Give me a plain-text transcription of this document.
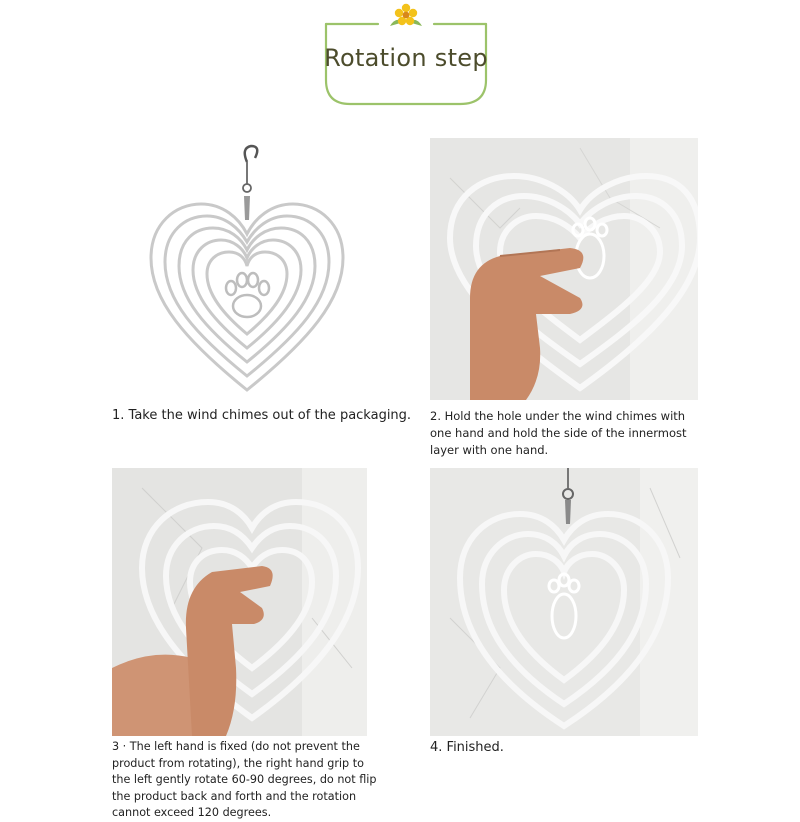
Rotation step
1. Take the wind chimes out of the packaging. 2. Hold the hole under the wind chimes with one hand and hold the side of the innermost layer with one hand.
3 · The left hand is fixed (do not prevent the product from rotating), the right hand grip to the left gently rotate 60-90 degrees, do not flip the product back and forth and the rotation cannot exceed 120 degrees.
4. Finished.
